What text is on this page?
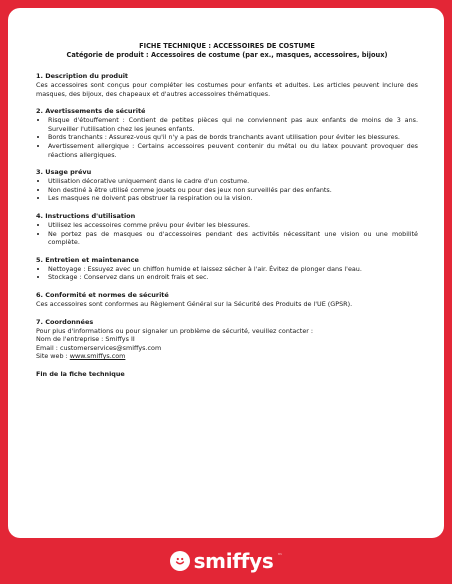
FICHE TECHNIQUE : ACCESSOIRES DE COSTUME
Catégorie de produit : Accessoires de costume (par ex., masques, accessoires, bijoux)
1. Description du produit

Ces accessoires sont conçus pour compléter les costumes pour enfants et adultes. Les articles peuvent inclure des masques, des bijoux, des chapeaux et d'autres accessoires thématiques.

2. Avertissements de sécurité
• Risque d'étouffement : Contient de petites pièces qui ne conviennent pas aux enfants de moins de 3 ans. Surveiller l'utilisation chez les jeunes enfants.
• Bords tranchants : Assurez-vous qu'il n'y a pas de bords tranchants avant utilisation pour éviter les blessures.
• Avertissement allergique : Certains accessoires peuvent contenir du métal ou du latex pouvant provoquer des réactions allergiques.
3. Usage prévu
• Utilisation décorative uniquement dans le cadre d'un costume.
• Non destiné à être utilisé comme jouets ou pour des jeux non surveillés par des enfants.
• Les masques ne doivent pas obstruer la respiration ou la vision.
4. Instructions d'utilisation
• Utilisez les accessoires comme prévu pour éviter les blessures.
• Ne portez pas de masques ou d'accessoires pendant des activités nécessitant une vision ou une mobilité complète.
5. Entretien et maintenance
• Nettoyage : Essuyez avec un chiffon humide et laissez sécher à l'air. Évitez de plonger dans l'eau.
• Stockage : Conservez dans un endroit frais et sec.
6. Conformité et normes de sécurité

Ces accessoires sont conformes au Règlement Général sur la Sécurité des Produits de l'UE (GPSR).

7. Coordonnées

Pour plus d'informations ou pour signaler un problème de sécurité, veuillez contacter :

Nom de l'entreprise : Smiffys II

Email : customerservices@smiffys.com

Site web : www.smiffys.com

Fin de la fiche technique
smiffys ™
